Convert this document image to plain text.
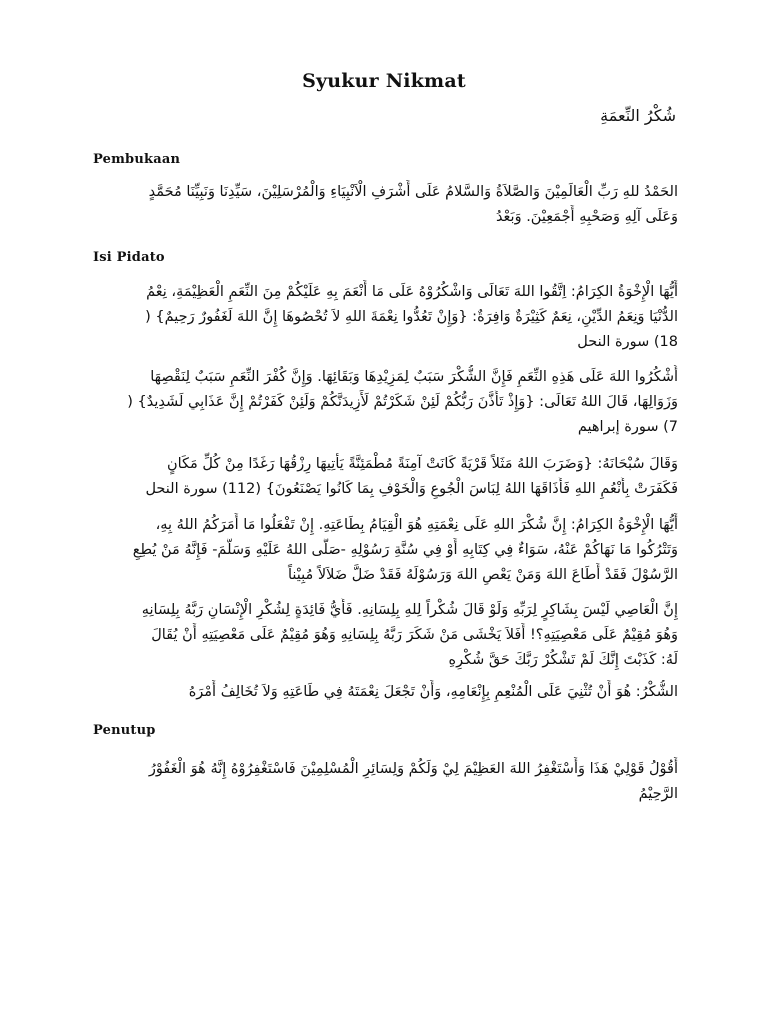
Syukur Nikmat
شُكْرُ النِّعمَةِ
Pembukaan
الحَمْدُ للهِ رَبِّ الْعَالَمِيْنَ وَالصَّلاَةُ وَالسَّلامُ عَلَى أَشْرَفِ الْاَنْبِيَاءِ وَالْمُرْسَلِيْنَ، سَيِّدِنَا وَنَبِيِّنَا مُحَمَّدٍ
وَعَلَى آلِهِ وَصَحْبِهِ أَجْمَعِيْنَ. وَبَعْدُ
Isi Pidato
أَيُّهَا الْإِخْوَةُ الكِرَامُ: اِتَّقُوا اللهَ تَعَالَى وَاشْكُرُوْهُ عَلَى مَا أَنْعَمَ بِهِ عَلَيْكُمْ مِنَ النِّعَمِ الْعَظِيْمَةِ، نِعْمُ
الدُّنْيَا وَنِعَمُ الدِّيْنِ، نِعَمٌ كَثِيْرَةٌ وَافِرَةٌ: {وَإِنْ تَعُدُّوا نِعْمَةَ اللهِ لاَ تُحْصُوهَا إِنَّ اللهَ لَغَفُورٌ رَحِيمٌ} (
18) سورة النحل
أُشْكُرُوا اللهَ عَلَى هَذِهِ النِّعَمِ فَإِنَّ الشُّكْرَ سَبَبٌ لِمَزِيْدِهَا وَبَقَائِهَا. وَإِنَّ كُفْرَ النِّعَمِ سَبَبٌ لِنَقْصِهَا
وَزَوَالِهَا، قَالَ اللهُ تَعَالَى: {وَإِذْ تَأَذَّنَ رَبُّكُمْ لَئِنْ شَكَرْتُمْ لَأَزِيدَنَّكُمْ وَلَئِنْ كَفَرْتُمْ إِنَّ عَذَابِي لَشَدِيدٌ} (
7) سورة إبراهيم
وَقَالَ سُبْحَانَهُ: {وَضَرَبَ اللهُ مَثَلاً قَرْيَةً كَانَتْ آمِنَةً مُطْمَئِنَّةً يَأْتِيهَا رِزْقُهَا رَغَدًا مِنْ كُلِّ مَكَانٍ
فَكَفَرَتْ بِأَنْعُمِ اللهِ فَأَذَاقَهَا اللهُ لِبَاسَ الْجُوعِ وَالْخَوْفِ بِمَا كَانُوا يَصْنَعُونَ} (112) سورة النحل
أَيُّهَا الْإِخْوَةُ الكِرَامُ: إِنَّ شُكْرَ اللهِ عَلَى نِعْمَتِهِ هُوَ الْقِيَامُ بِطَاعَتِهِ. إِنْ تَفْعَلُوا مَا أَمَرَكُمُ اللهُ بِهِ،
وَتَتْرُكُوا مَا نَهَاكُمْ عَنْهُ، سَوَاءٌ فِي كِتَابِهِ أَوْ فِي سُنَّةِ رَسُوْلِهِ -صَلَّى اللهُ عَلَيْهِ وَسَلَّمَ- فَإِنَّهُ مَنْ يُطِعِ
الرَّسُوْلَ فَقَدْ أَطَاعَ اللهَ وَمَنْ يَعْصِ اللهَ وَرَسُوْلَهُ فَقَدْ ضَلَّ ضَلاَلاً مُبِيْناً
إِنَّ الْعَاصِي لَيْسَ بِشَاكِرٍ لِرَبِّهِ وَلَوْ قَالَ شُكْراً لِلهِ بِلِسَانِهِ. فَأَيُّ فَائِدَةٍ لِشُكْرِ الْإِنْسَانِ رَبَّهُ بِلِسَانِهِ
وَهُوَ مُقِيْمٌ عَلَى مَعْصِيَتِهِ؟! أَفَلاَ يَخْشَى مَنْ شَكَرَ رَبَّهُ بِلِسَانِهِ وَهُوَ مُقِيْمٌ عَلَى مَعْصِيَتِهِ أَنْ يُقَالَ
لَهُ: كَذَبْتَ إِنَّكَ لَمْ تَشْكُرْ رَبَّكَ حَقَّ شُكْرِهِ
الشُّكْرُ: هُوَ أَنْ تُثْنِيَ عَلَى الْمُنْعِمِ بِإِنْعَامِهِ، وَأَنْ تَجْعَلَ نِعْمَتَهُ فِي طَاعَتِهِ وَلاَ تُخَالِفُ أَمْرَهُ
Penutup
أَقُوْلُ قَوْلِيْ هَذَا وَأَسْتَغْفِرُ اللهَ العَظِيْمَ لِيْ وَلَكُمْ وَلِسَائِرِ الْمُسْلِمِيْنَ فَاسْتَغْفِرُوْهُ إِنَّهُ هُوَ الْغَفُوْرُ
الرَّحِيْمُ
